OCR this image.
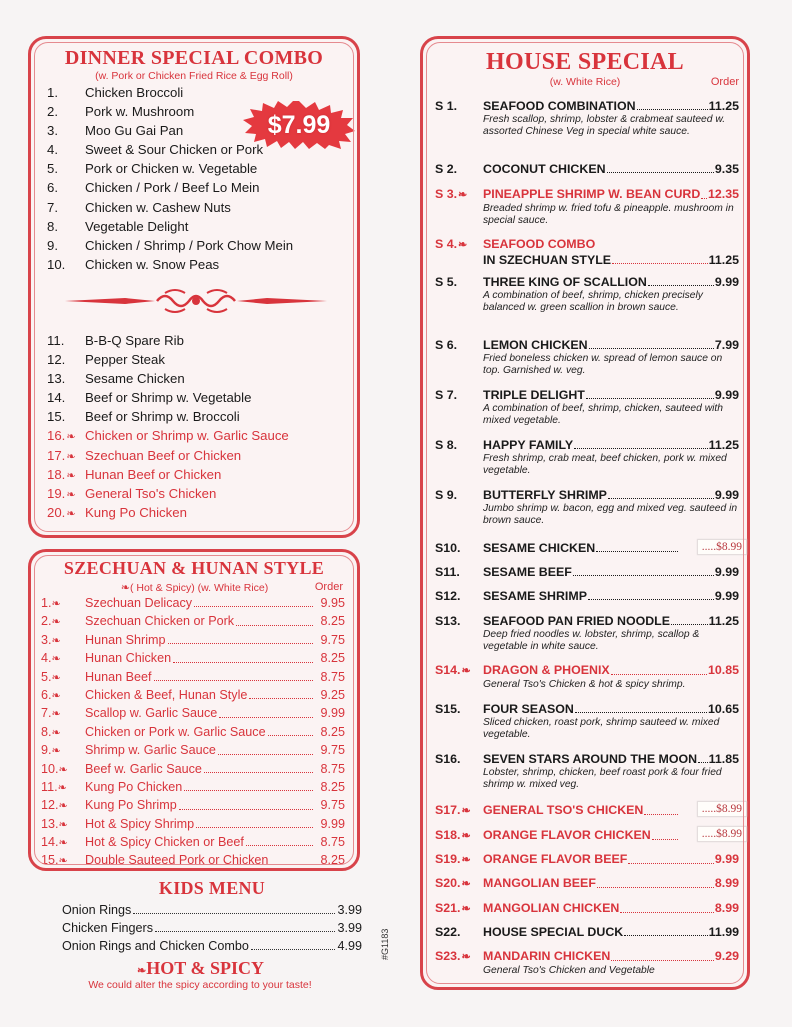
DINNER SPECIAL COMBO
(w. Pork or Chicken Fried Rice & Egg Roll)
$7.99
1.	Chicken Broccoli
2.	Pork w. Mushroom
3.	Moo Gu Gai Pan
4.	Sweet & Sour Chicken or Pork
5.	Pork or Chicken w. Vegetable
6.	Chicken / Pork / Beef Lo Mein
7.	Chicken w. Cashew Nuts
8.	Vegetable Delight
9.	Chicken / Shrimp / Pork Chow Mein
10.	Chicken w. Snow Peas
11.	B-B-Q Spare Rib
12.	Pepper Steak
13.	Sesame Chicken
14.	Beef or Shrimp w. Vegetable
15.	Beef or Shrimp w. Broccoli
16.❧ Chicken or Shrimp w. Garlic Sauce
17.❧ Szechuan Beef or Chicken
18.❧ Hunan Beef or Chicken
19.❧ General Tso's Chicken
20.❧ Kung Po Chicken
SZECHUAN & HUNAN STYLE
❧( Hot & Spicy) (w. White Rice)	Order
1.❧	Szechuan Delicacy	9.95
2.❧	Szechuan Chicken or Pork	8.25
3.❧	Hunan Shrimp	9.75
4.❧	Hunan Chicken	8.25
5.❧	Hunan Beef	8.75
6.❧	Chicken & Beef, Hunan Style	9.25
7.❧	Scallop w. Garlic Sauce	9.99
8.❧	Chicken or Pork w. Garlic Sauce	8.25
9.❧	Shrimp w. Garlic Sauce	9.75
10.❧	Beef w. Garlic Sauce	8.75
11.❧	Kung Po Chicken	8.25
12.❧	Kung Po Shrimp	9.75
13.❧	Hot & Spicy Shrimp	9.99
14.❧	Hot & Spicy Chicken or Beef	8.75
15.❧	Double Sauteed Pork or Chicken	8.25
KIDS MENU
Onion Rings	3.99
Chicken Fingers	3.99
Onion Rings and Chicken Combo	4.99
❧HOT & SPICY
We could alter the spicy according to your taste!
#G1183
HOUSE SPECIAL
(w. White Rice)	Order
S 1.	SEAFOOD COMBINATION	11.25
Fresh scallop, shrimp, lobster & crabmeat sauteed w. assorted Chinese Veg in special white sauce.
S 2.	COCONUT CHICKEN	9.35
S 3.❧	PINEAPPLE SHRIMP W. BEAN CURD 12.35
Breaded shrimp w. fried tofu & pineapple. mushroom in special sauce.
S 4.❧	SEAFOOD COMBO
IN SZECHUAN STYLE	11.25
S 5.	THREE KING OF SCALLION	9.99
A combination of beef, shrimp, chicken precisely balanced w. green scallion in brown sauce.
S 6.	LEMON CHICKEN	7.99
Fried boneless chicken w. spread of lemon sauce on top. Garnished w. veg.
S 7.	TRIPLE DELIGHT	9.99
A combination of beef, shrimp, chicken, sauteed with mixed vegetable.
S 8.	HAPPY FAMILY	11.25
Fresh shrimp, crab meat, beef chicken, pork w. mixed vegetable.
S 9.	BUTTERFLY SHRIMP	9.99
Jumbo shrimp w. bacon, egg and mixed veg. sauteed in brown sauce.
S10.	SESAME CHICKEN	.....$8.99
S11.	SESAME BEEF	9.99
S12.	SESAME SHRIMP	9.99
S13.	SEAFOOD PAN FRIED NOODLE	11.25
Deep fried noodles w. lobster, shrimp, scallop & vegetable in white sauce.
S14.❧ DRAGON & PHOENIX	10.85
General Tso's Chicken & hot & spicy shrimp.
S15.	FOUR SEASON	10.65
Sliced chicken, roast pork, shrimp sauteed w. mixed vegetable.
S16.	SEVEN STARS AROUND THE MOON 11.85
Lobster, shrimp, chicken, beef roast pork & four fried shrimp w. mixed veg.
S17.❧ GENERAL TSO'S CHICKEN	.....$8.99
S18.❧ ORANGE FLAVOR CHICKEN	.....$8.99
S19.❧ ORANGE FLAVOR BEEF	9.99
S20.❧ MANGOLIAN BEEF	8.99
S21.❧ MANGOLIAN CHICKEN	8.99
S22.	HOUSE SPECIAL DUCK	11.99
S23.❧ MANDARIN CHICKEN	9.29
General Tso's Chicken and Vegetable
